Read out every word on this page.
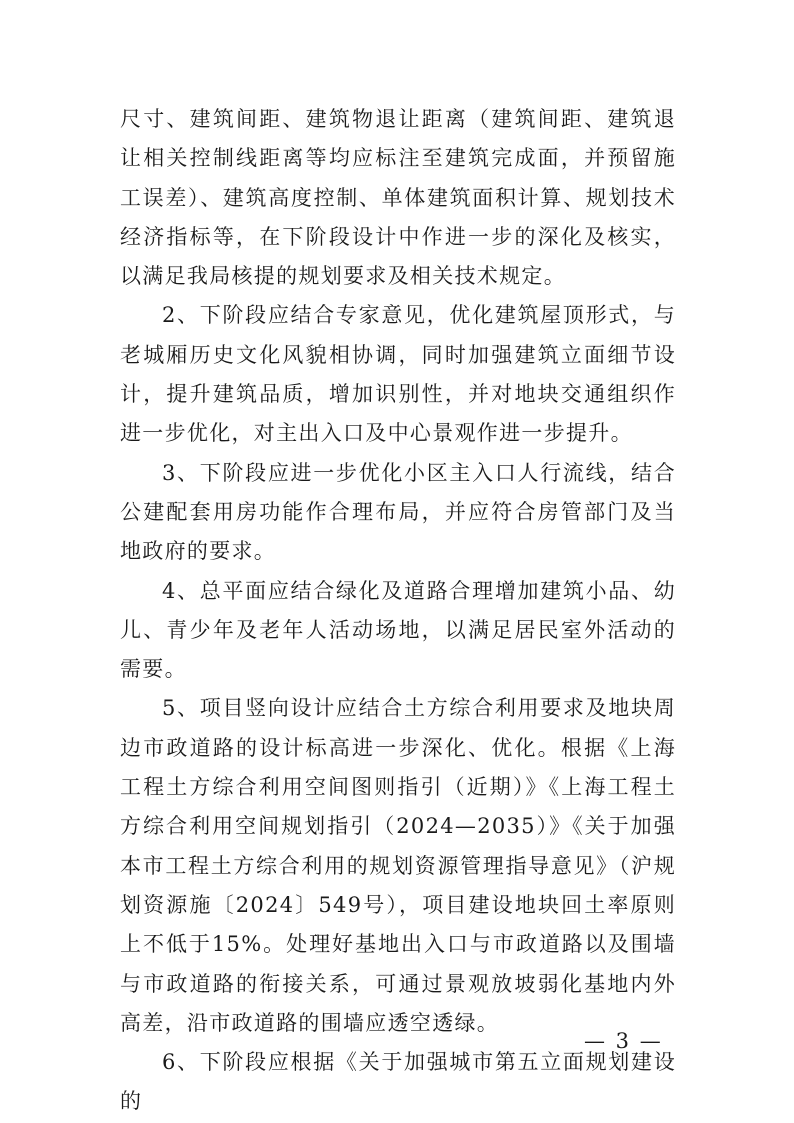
尺寸、建筑间距、建筑物退让距离（建筑间距、建筑退让相关控制线距离等均应标注至建筑完成面，并预留施工误差）、建筑高度控制、单体建筑面积计算、规划技术经济指标等，在下阶段设计中作进一步的深化及核实，以满足我局核提的规划要求及相关技术规定。

2、下阶段应结合专家意见，优化建筑屋顶形式，与老城厢历史文化风貌相协调，同时加强建筑立面细节设计，提升建筑品质，增加识别性，并对地块交通组织作进一步优化，对主出入口及中心景观作进一步提升。

3、下阶段应进一步优化小区主入口人行流线，结合公建配套用房功能作合理布局，并应符合房管部门及当地政府的要求。

4、总平面应结合绿化及道路合理增加建筑小品、幼儿、青少年及老年人活动场地，以满足居民室外活动的需要。

5、项目竖向设计应结合土方综合利用要求及地块周边市政道路的设计标高进一步深化、优化。根据《上海工程土方综合利用空间图则指引（近期）》《上海工程土方综合利用空间规划指引（2024—2035）》《关于加强本市工程土方综合利用的规划资源管理指导意见》（沪规划资源施〔2024〕549号），项目建设地块回土率原则上不低于15%。处理好基地出入口与市政道路以及围墙与市政道路的衔接关系，可通过景观放坡弱化基地内外高差，沿市政道路的围墙应透空透绿。

6、下阶段应根据《关于加强城市第五立面规划建设的

— 3 —
